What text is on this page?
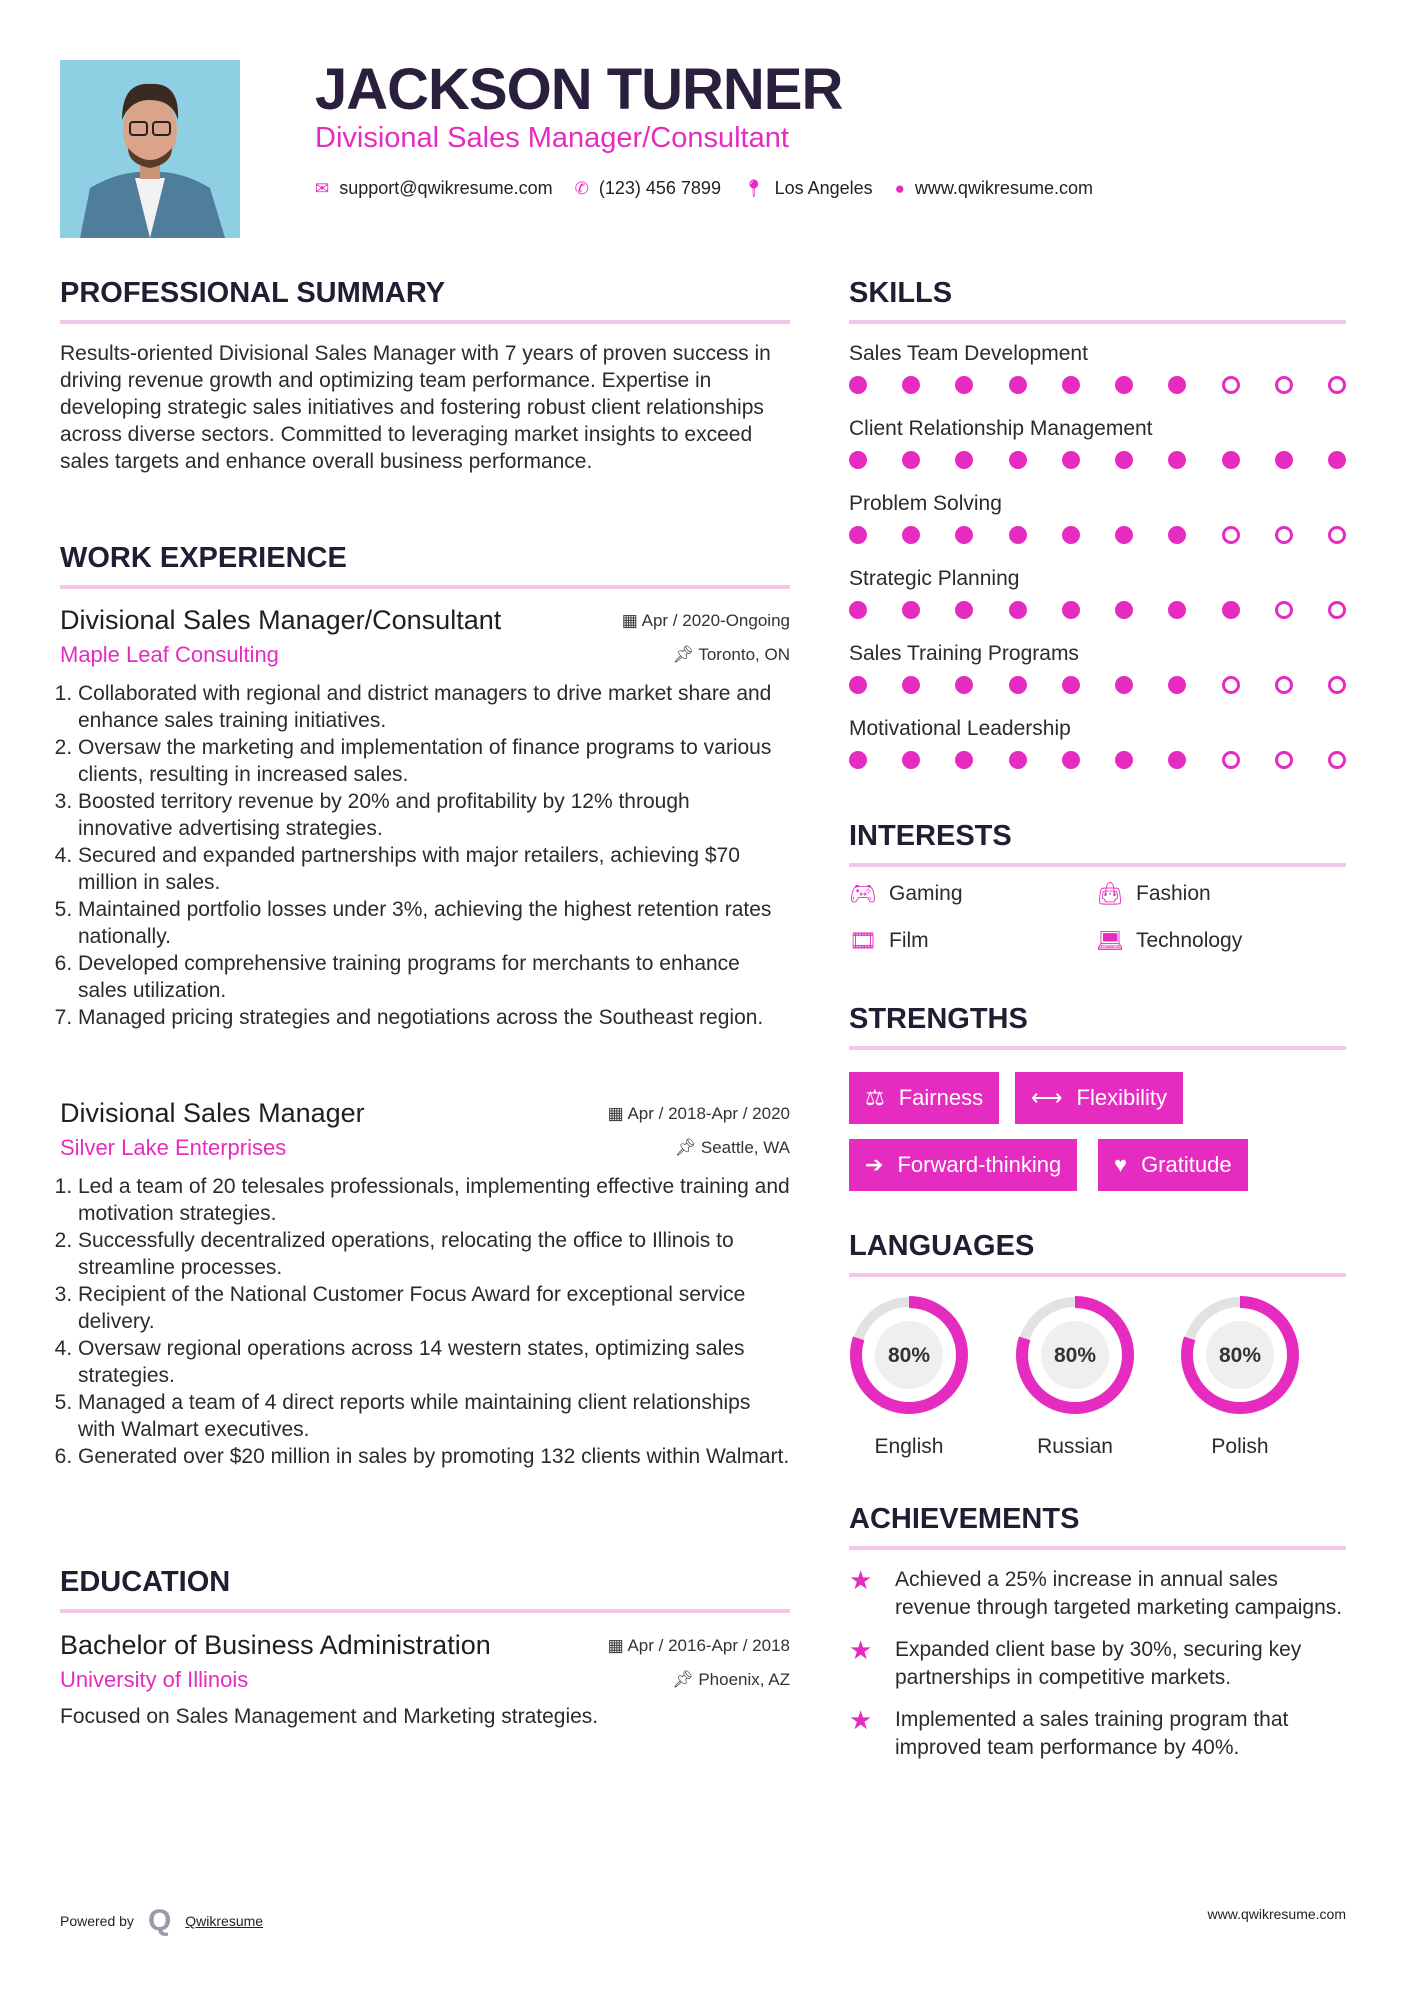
JACKSON TURNER
Divisional Sales Manager/Consultant
✉ support@qwikresume.com ✆ (123) 456 7899 📍︎ Los Angeles ● www.qwikresume.com
PROFESSIONAL SUMMARY
Results-oriented Divisional Sales Manager with 7 years of proven success in driving revenue growth and optimizing team performance. Expertise in developing strategic sales initiatives and fostering robust client relationships across diverse sectors. Committed to leveraging market insights to exceed sales targets and enhance overall business performance.
WORK EXPERIENCE
Divisional Sales Manager/Consultant	▦ Apr / 2020-Ongoing
Maple Leaf Consulting	📌︎ Toronto, ON
1. Collaborated with regional and district managers to drive market share and enhance sales training initiatives.
2. Oversaw the marketing and implementation of finance programs to various clients, resulting in increased sales.
3. Boosted territory revenue by 20% and profitability by 12% through innovative advertising strategies.
4. Secured and expanded partnerships with major retailers, achieving $70 million in sales.
5. Maintained portfolio losses under 3%, achieving the highest retention rates nationally.
6. Developed comprehensive training programs for merchants to enhance sales utilization.
7. Managed pricing strategies and negotiations across the Southeast region.
Divisional Sales Manager	▦ Apr / 2018-Apr / 2020
Silver Lake Enterprises	📌︎ Seattle, WA
1. Led a team of 20 telesales professionals, implementing effective training and motivation strategies.
2. Successfully decentralized operations, relocating the office to Illinois to streamline processes.
3. Recipient of the National Customer Focus Award for exceptional service delivery.
4. Oversaw regional operations across 14 western states, optimizing sales strategies.
5. Managed a team of 4 direct reports while maintaining client relationships with Walmart executives.
6. Generated over $20 million in sales by promoting 132 clients within Walmart.
EDUCATION
Bachelor of Business Administration	▦ Apr / 2016-Apr / 2018
University of Illinois	📌︎ Phoenix, AZ
Focused on Sales Management and Marketing strategies.
SKILLS
Sales Team Development
Client Relationship Management
Problem Solving
Strategic Planning
Sales Training Programs
Motivational Leadership
INTERESTS
🎮︎ Gaming	👜︎ Fashion
🎞︎ Film	💻︎ Technology
STRENGTHS
⚖ Fairness ⟷ Flexibility
➔ Forward-thinking ♥ Gratitude
LANGUAGES
80%
English
80%
Russian
80%
Polish
ACHIEVEMENTS
★	Achieved a 25% increase in annual sales revenue through targeted marketing campaigns.
★	Expanded client base by 30%, securing key partnerships in competitive markets.
★	Implemented a sales training program that improved team performance by 40%.
Powered by Q Qwikresume	www.qwikresume.com
